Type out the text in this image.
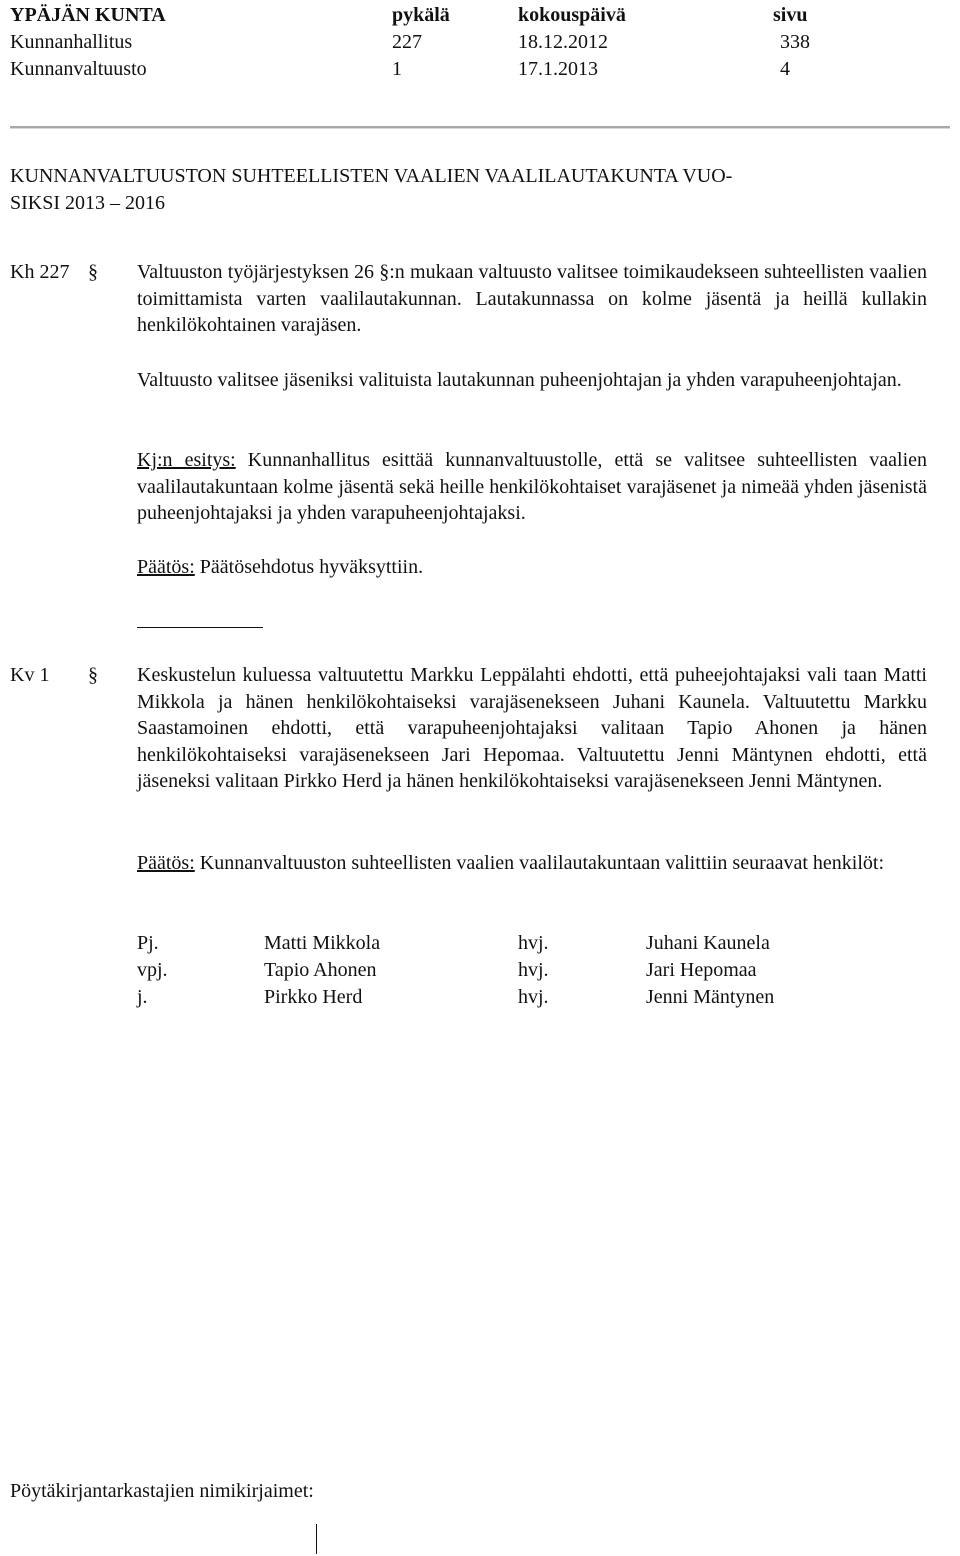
YPÄJÄN KUNTA	pykälä	kokouspäivä	sivu
Kunnanhallitus	227	18.12.2012	338
Kunnanvaltuusto	1	17.1.2013	4
KUNNANVALTUUSTON SUHTEELLISTEN VAALIEN VAALILAUTAKUNTA VUO-
SIKSI 2013 – 2016
Kh 227 § Valtuuston työjärjestyksen 26 §:n mukaan valtuusto valitsee toimikaudekseen suhteellisten vaalien toimittamista varten vaalilautakunnan. Lautakunnassa on kolme jäsentä ja heillä kullakin henkilökohtainen varajäsen.
Valtuusto valitsee jäseniksi valituista lautakunnan puheenjohtajan ja yhden varapuheenjohtajan.
Kj:n esitys: Kunnanhallitus esittää kunnanvaltuustolle, että se valitsee suhteellisten vaalien vaalilautakuntaan kolme jäsentä sekä heille henkilökohtaiset varajäsenet ja nimeää yhden jäsenistä puheenjohtajaksi ja yhden varapuheenjohtajaksi.
Päätös: Päätösehdotus hyväksyttiin.
Kv 1 § Keskustelun kuluessa valtuutettu Markku Leppälahti ehdotti, että puheejohtajaksi vali taan Matti Mikkola ja hänen henkilökohtaiseksi varajäsenekseen Juhani Kaunela. Valtuutettu Markku Saastamoinen ehdotti, että varapuheenjohtajaksi valitaan Tapio Ahonen ja hänen henkilökohtaiseksi varajäsenekseen Jari Hepomaa. Valtuutettu Jenni Mäntynen ehdotti, että jäseneksi valitaan Pirkko Herd ja hänen henkilökohtaiseksi varajäsenekseen Jenni Mäntynen.
Päätös: Kunnanvaltuuston suhteellisten vaalien vaalilautakuntaan valittiin seuraavat henkilöt:
Pj.	Matti Mikkola	hvj.	Juhani Kaunela
vpj.	Tapio Ahonen	hvj.	Jari Hepomaa
j.	Pirkko Herd	hvj.	Jenni Mäntynen
Pöytäkirjantarkastajien nimikirjaimet:
